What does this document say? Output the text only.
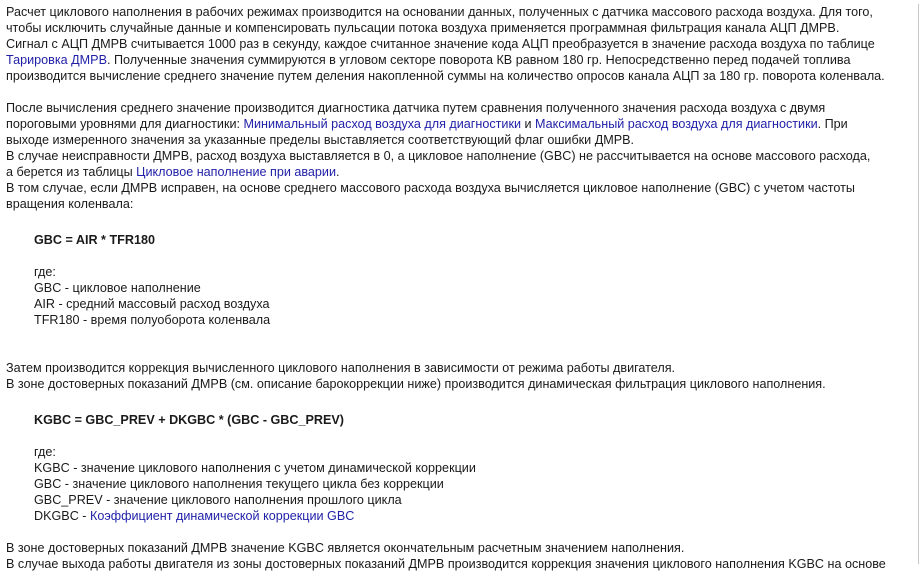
Расчет циклового наполнения в рабочих режимах производится на основании данных, полученных с датчика массового расхода воздуха. Для того,
чтобы исключить случайные данные и компенсировать пульсации потока воздуха применяется программная фильтрация канала АЦП ДМРВ.
Сигнал с АЦП ДМРВ считывается 1000 раз в секунду, каждое считанное значение кода АЦП преобразуется в значение расхода воздуха по таблице
Тарировка ДМРВ. Полученные значения суммируются в угловом секторе поворота КВ равном 180 гр. Непосредственно перед подачей топлива
производится вычисление среднего значение путем деления накопленной суммы на количество опросов канала АЦП за 180 гр. поворота коленвала.
После вычисления среднего значение производится диагностика датчика путем сравнения полученного значения расхода воздуха с двумя
пороговыми уровнями для диагностики: Минимальный расход воздуха для диагностики и Максимальный расход воздуха для диагностики. При
выходе измеренного значения за указанные пределы выставляется соответствующий флаг ошибки ДМРВ.
В случае неисправности ДМРВ, расход воздуха выставляется в 0, а цикловое наполнение (GBC) не рассчитывается на основе массового расхода,
а берется из таблицы Цикловое наполнение при аварии.
В том случае, если ДМРВ исправен, на основе среднего массового расхода воздуха вычисляется цикловое наполнение (GBC) с учетом частоты
вращения коленвала:
GBC = AIR * TFR180
где:
GBC - цикловое наполнение
AIR - средний массовый расход воздуха
TFR180 - время полуоборота коленвала
Затем производится коррекция вычисленного циклового наполнения в зависимости от режима работы двигателя.
В зоне достоверных показаний ДМРВ (см. описание барокоррекции ниже) производится динамическая фильтрация циклового наполнения.
KGBC = GBC_PREV + DKGBC * (GBC - GBC_PREV)
где:
KGBC - значение циклового наполнения с учетом динамической коррекции
GBC - значение циклового наполнения текущего цикла без коррекции
GBC_PREV - значение циклового наполнения прошлого цикла
DKGBC - Коэффициент динамической коррекции GBC
В зоне достоверных показаний ДМРВ значение KGBC является окончательным расчетным значением наполнения.
В случае выхода работы двигателя из зоны достоверных показаний ДМРВ производится коррекция значения циклового наполнения KGBC на основе
